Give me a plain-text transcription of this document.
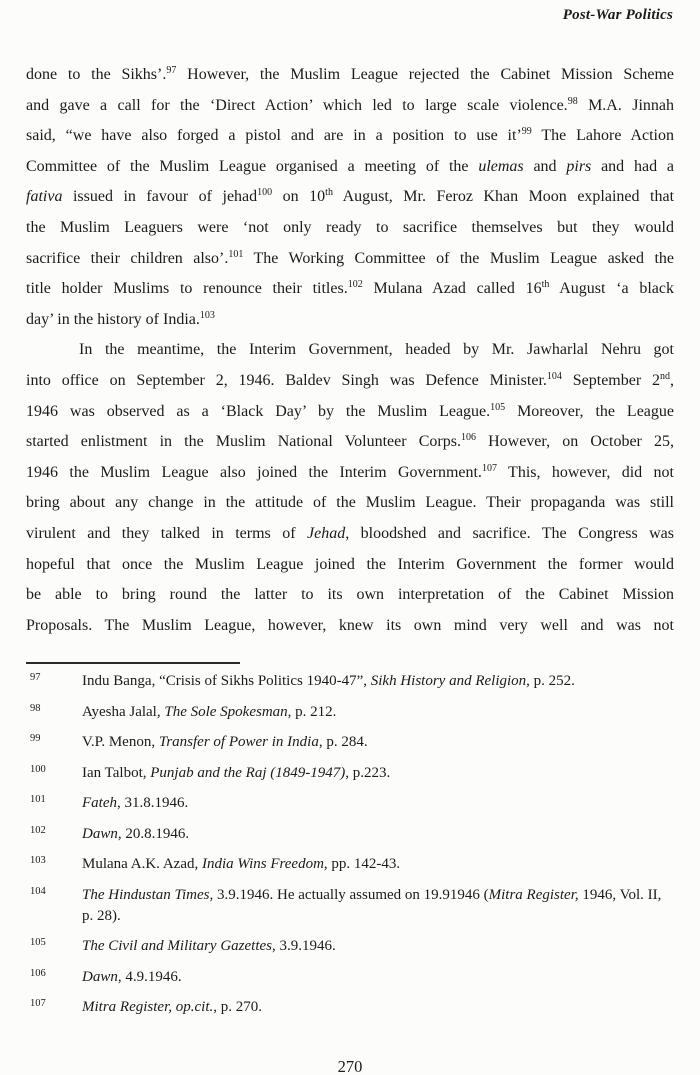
Post-War Politics
done to the Sikhs’.$^{97}$ However, the Muslim League rejected the Cabinet Mission Scheme
and gave a call for the ‘Direct Action’ which led to large scale violence.$^{98}$ M.A. Jinnah
said, “we have also forged a pistol and are in a position to use it’$^{99}$ The Lahore Action
Committee of the Muslim League organised a meeting of the ulemas and pirs and had a
fativa issued in favour of jehad$^{100}$ on 10th August, Mr. Feroz Khan Moon explained that
the Muslim Leaguers were ‘not only ready to sacrifice themselves but they would
sacrifice their children also’.$^{101}$ The Working Committee of the Muslim League asked the
title holder Muslims to renounce their titles.$^{102}$ Mulana Azad called 16th August ‘a black
day’ in the history of India.$^{103}$
In the meantime, the Interim Government, headed by Mr. Jawharlal Nehru got
into office on September 2, 1946. Baldev Singh was Defence Minister.$^{104}$ September 2nd,
1946 was observed as a ‘Black Day’ by the Muslim League.$^{105}$ Moreover, the League
started enlistment in the Muslim National Volunteer Corps.$^{106}$ However, on October 25,
1946 the Muslim League also joined the Interim Government.$^{107}$ This, however, did not
bring about any change in the attitude of the Muslim League. Their propaganda was still
virulent and they talked in terms of Jehad, bloodshed and sacrifice. The Congress was
hopeful that once the Muslim League joined the Interim Government the former would
be able to bring round the latter to its own interpretation of the Cabinet Mission
Proposals. The Muslim League, however, knew its own mind very well and was not
97	Indu Banga, “Crisis of Sikhs Politics 1940-47”, Sikh History and Religion, p. 252.
98	Ayesha Jalal, The Sole Spokesman, p. 212.
99	V.P. Menon, Transfer of Power in India, p. 284.
100 Ian Talbot, Punjab and the Raj (1849-1947), p.223.
101 Fateh, 31.8.1946.
102 Dawn, 20.8.1946.
103 Mulana A.K. Azad, India Wins Freedom, pp. 142-43.
104 The Hindustan Times, 3.9.1946. He actually assumed on 19.91946 (Mitra Register, 1946, Vol. II, p. 28).
105 The Civil and Military Gazettes, 3.9.1946.
106 Dawn, 4.9.1946.
107 Mitra Register, op.cit., p. 270.
270
